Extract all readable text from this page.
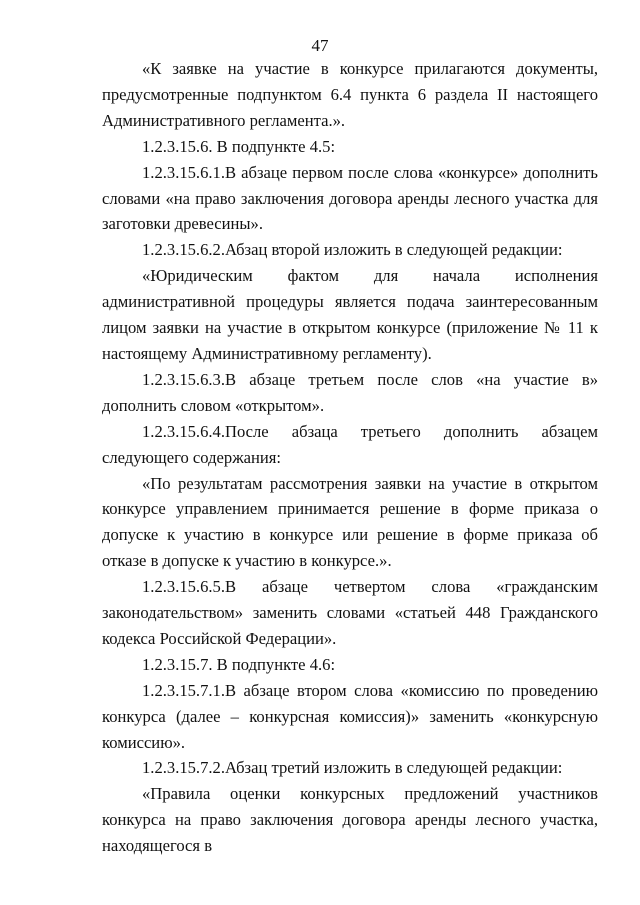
47

«К заявке на участие в конкурсе прилагаются документы, предусмотренные подпунктом 6.4 пункта 6 раздела II настоящего Административного регламента.».

1.2.3.15.6. В подпункте 4.5:

1.2.3.15.6.1.В абзаце первом после слова «конкурсе» дополнить словами «на право заключения договора аренды лесного участка для заготовки древесины».

1.2.3.15.6.2.Абзац второй изложить в следующей редакции:

«Юридическим фактом для начала исполнения административной процедуры является подача заинтересованным лицом заявки на участие в открытом конкурсе (приложение № 11 к настоящему Административному регламенту).

1.2.3.15.6.3.В абзаце третьем после слов «на участие в» дополнить словом «открытом».

1.2.3.15.6.4.После абзаца третьего дополнить абзацем следующего содержания:

«По результатам рассмотрения заявки на участие в открытом конкурсе управлением принимается решение в форме приказа о допуске к участию в конкурсе или решение в форме приказа об отказе в допуске к участию в конкурсе.».

1.2.3.15.6.5.В абзаце четвертом слова «гражданским законодательством» заменить словами «статьей 448 Гражданского кодекса Российской Федерации».

1.2.3.15.7. В подпункте 4.6:

1.2.3.15.7.1.В абзаце втором слова «комиссию по проведению конкурса (далее – конкурсная комиссия)» заменить «конкурсную комиссию».

1.2.3.15.7.2.Абзац третий изложить в следующей редакции:

«Правила оценки конкурсных предложений участников конкурса на право заключения договора аренды лесного участка, находящегося в
